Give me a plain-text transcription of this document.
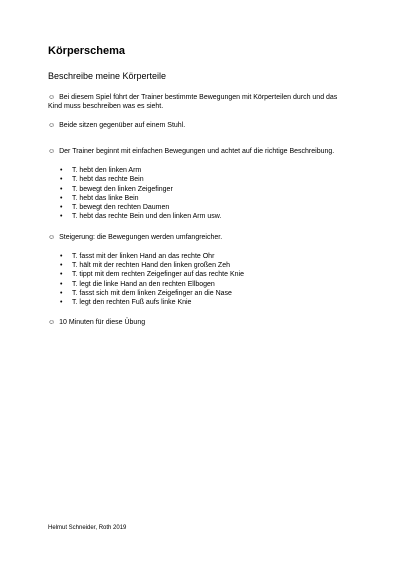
Körperschema

Beschreibe meine Körperteile

☺ Bei diesem Spiel führt der Trainer bestimmte Bewegungen mit Körperteilen durch und das Kind muss beschreiben was es sieht.

☺ Beide sitzen gegenüber auf einem Stuhl.

☺ Der Trainer beginnt mit einfachen Bewegungen und achtet auf die richtige Beschreibung.

• T. hebt den linken Arm
• T. hebt das rechte Bein
• T. bewegt den linken Zeigefinger
• T. hebt das linke Bein
• T. bewegt den rechten Daumen
• T. hebt das rechte Bein und den linken Arm usw.

☺ Steigerung: die Bewegungen werden umfangreicher.

• T. fasst mit der linken Hand an das rechte Ohr
• T. hält mit der rechten Hand den linken großen Zeh
• T. tippt mit dem rechten Zeigefinger auf das rechte Knie
• T. legt die linke Hand an den rechten Ellbogen
• T. fasst sich mit dem linken Zeigefinger an die Nase
• T. legt den rechten Fuß aufs linke Knie

☺ 10 Minuten für diese Übung

Helmut Schneider, Roth 2019
